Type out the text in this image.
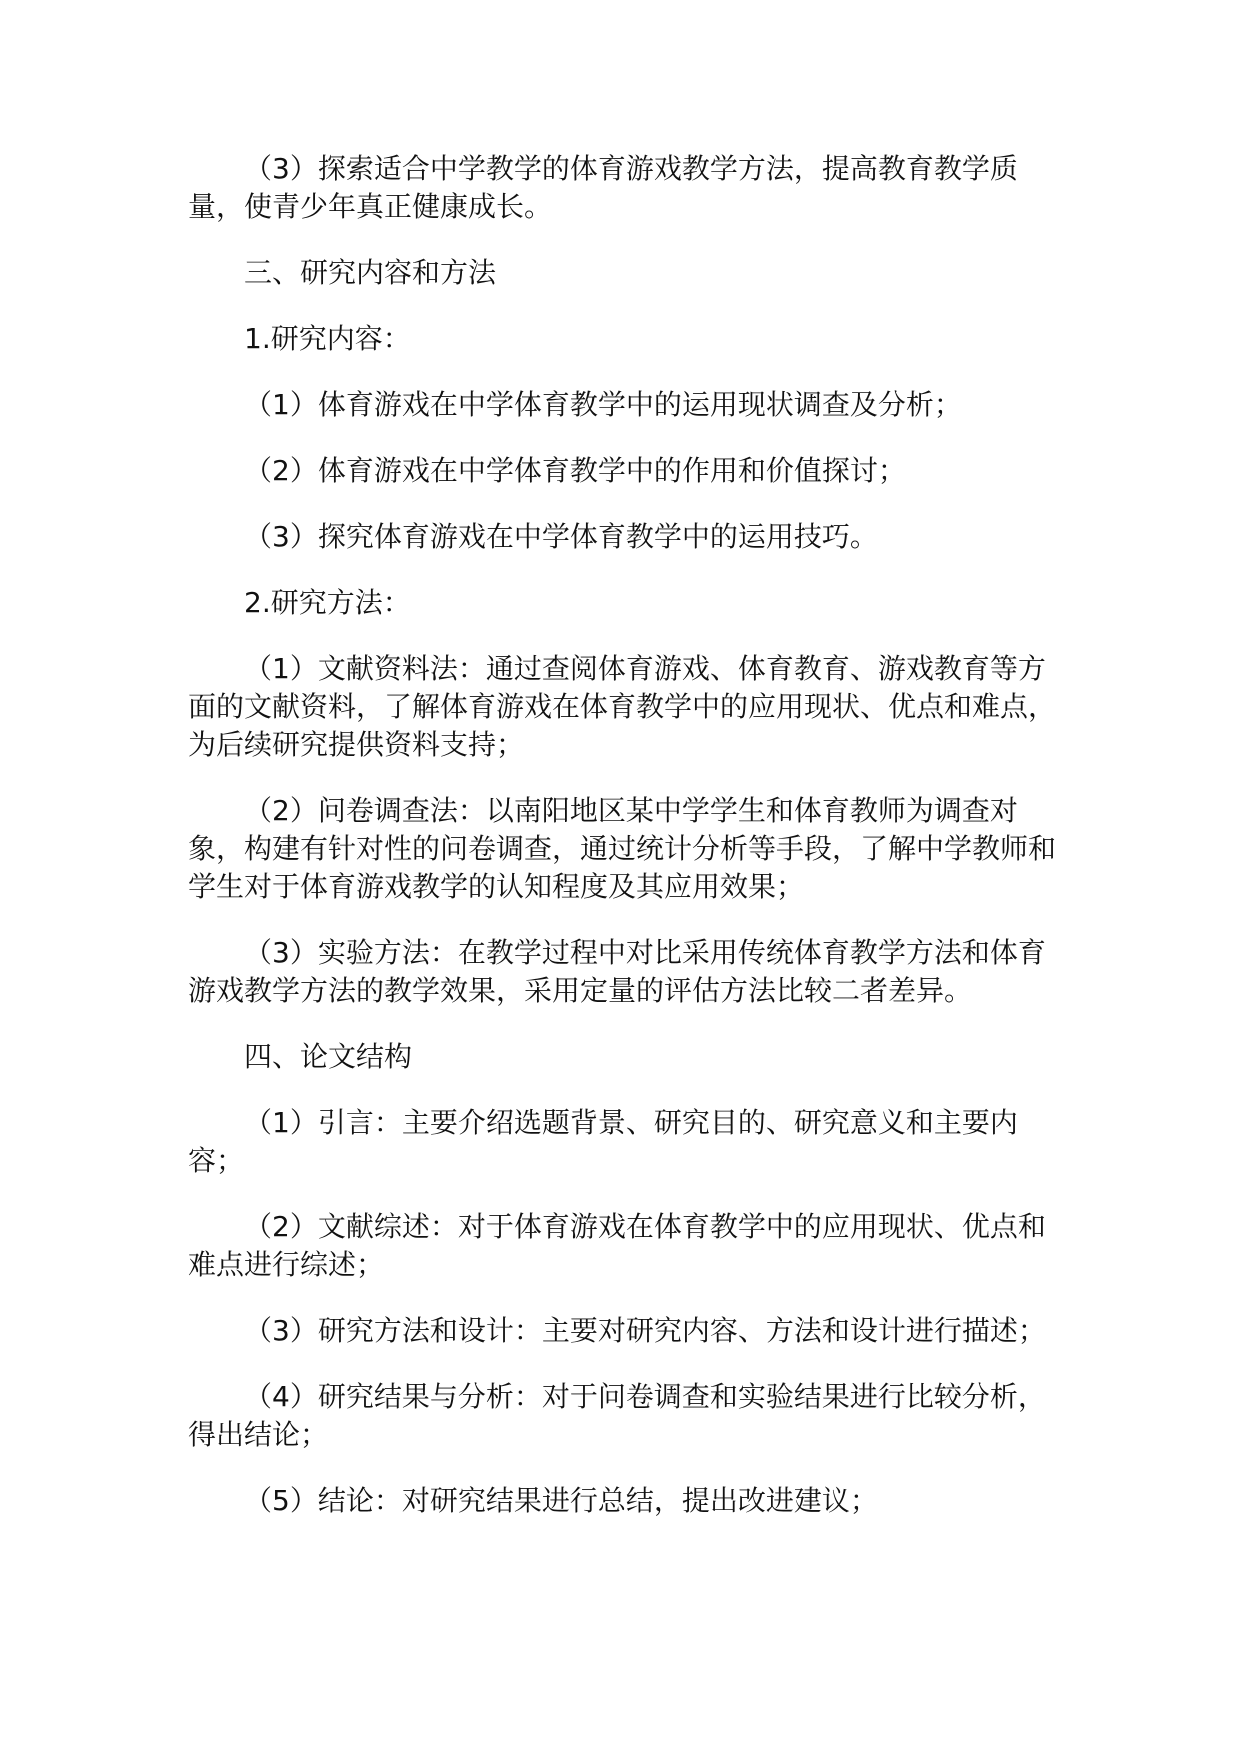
（3）探索适合中学教学的体育游戏教学方法，提高教育教学质量，使青少年真正健康成长。

三、研究内容和方法

1.研究内容：

（1）体育游戏在中学体育教学中的运用现状调查及分析；

（2）体育游戏在中学体育教学中的作用和价值探讨；

（3）探究体育游戏在中学体育教学中的运用技巧。

2.研究方法：

（1）文献资料法：通过查阅体育游戏、体育教育、游戏教育等方面的文献资料，了解体育游戏在体育教学中的应用现状、优点和难点，为后续研究提供资料支持；

（2）问卷调查法：以南阳地区某中学学生和体育教师为调查对象，构建有针对性的问卷调查，通过统计分析等手段，了解中学教师和学生对于体育游戏教学的认知程度及其应用效果；

（3）实验方法：在教学过程中对比采用传统体育教学方法和体育游戏教学方法的教学效果，采用定量的评估方法比较二者差异。

四、论文结构

（1）引言：主要介绍选题背景、研究目的、研究意义和主要内容；

（2）文献综述：对于体育游戏在体育教学中的应用现状、优点和难点进行综述；

（3）研究方法和设计：主要对研究内容、方法和设计进行描述；

（4）研究结果与分析：对于问卷调查和实验结果进行比较分析，得出结论；

（5）结论：对研究结果进行总结，提出改进建议；
